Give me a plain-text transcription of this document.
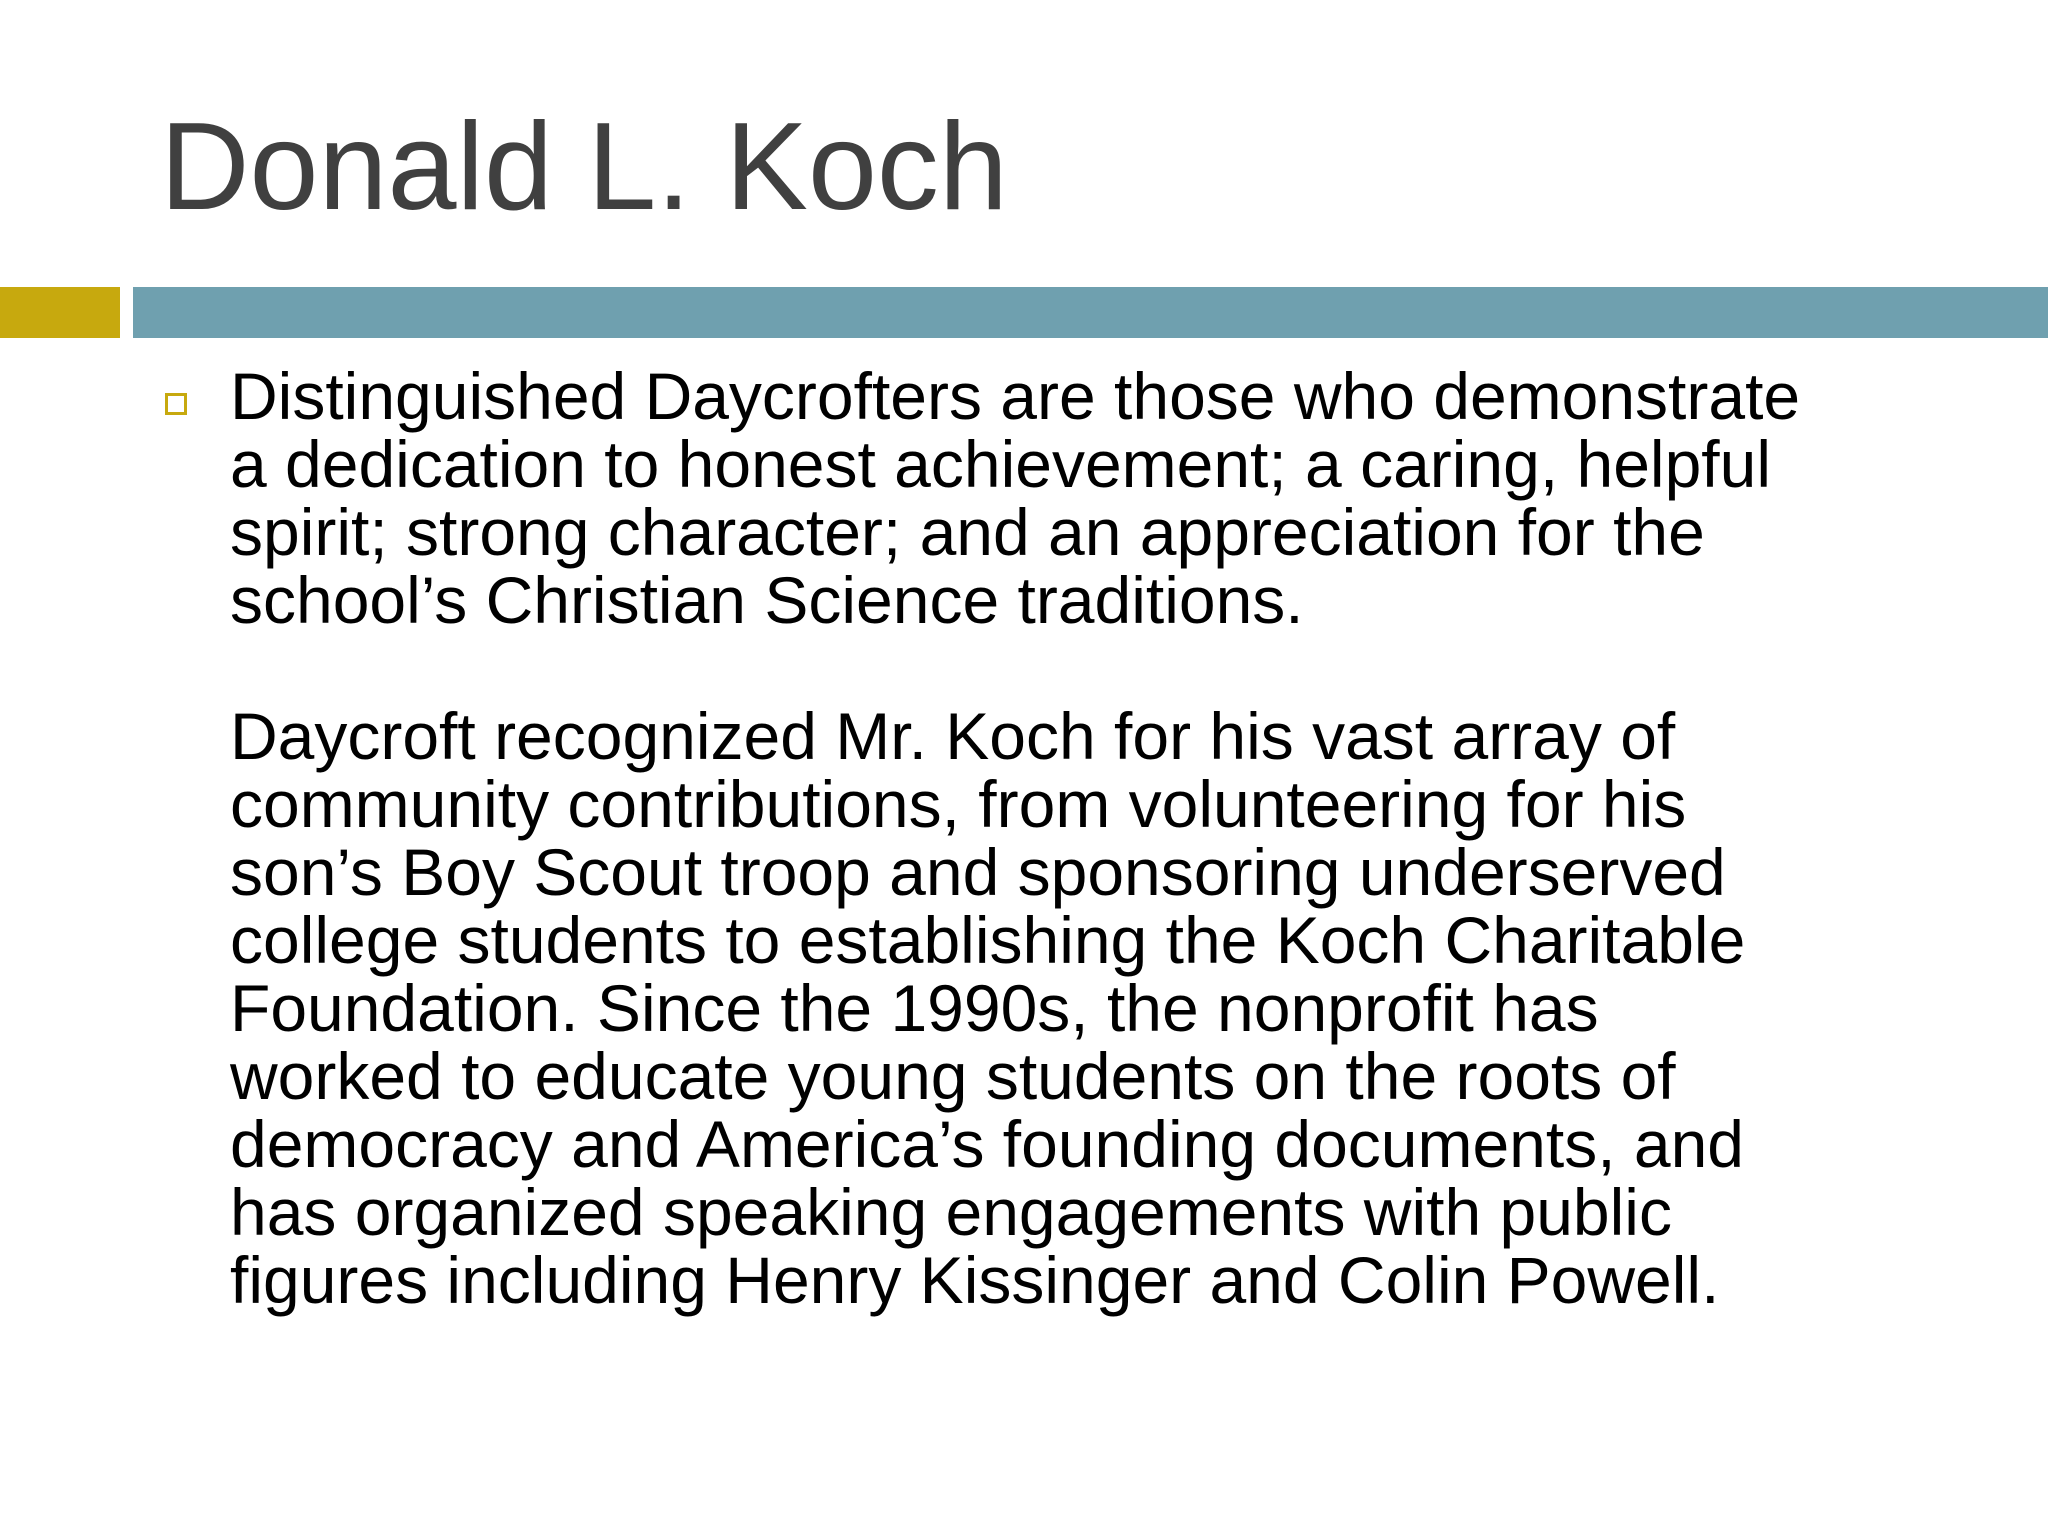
Donald L. Koch

Distinguished Daycrofters are those who demonstrate
a dedication to honest achievement; a caring, helpful
spirit; strong character; and an appreciation for the
school’s Christian Science traditions.

Daycroft recognized Mr. Koch for his vast array of
community contributions, from volunteering for his
son’s Boy Scout troop and sponsoring underserved
college students to establishing the Koch Charitable
Foundation. Since the 1990s, the nonprofit has
worked to educate young students on the roots of
democracy and America’s founding documents, and
has organized speaking engagements with public
figures including Henry Kissinger and Colin Powell.
